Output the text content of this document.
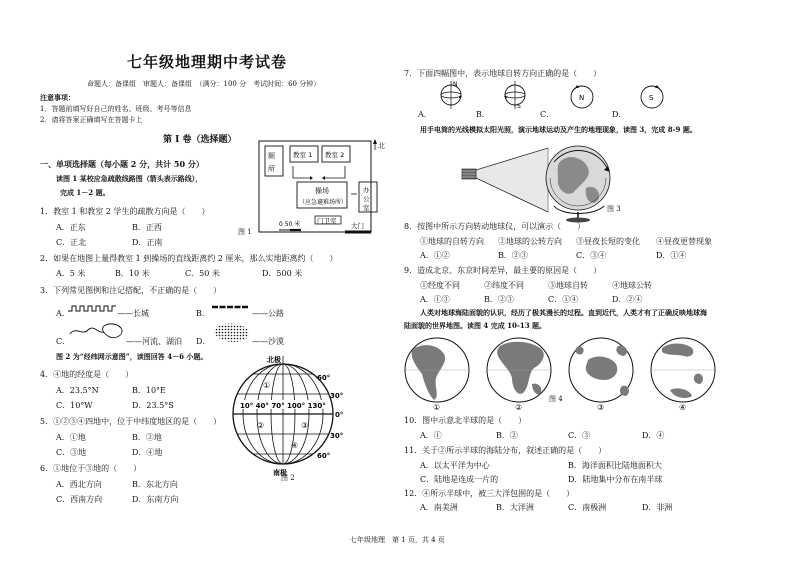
七年级地理期中考试卷
命题人：备课组　审题人：备课组　（满分：100 分　考试时间：60 分钟）
注意事项：
1．答题前填写好自己的姓名、班级、考号等信息
2．请将答案正确填写在答题卡上
第 I 卷（选择题）
一、单项选择题（每小题 2 分，共计 50 分）
读图 1 某校应急疏散线路图（箭头表示路线），
完成 1－2 题。
北
厕
所
教室 1 教室 2
操场
（应急避难场所）
办
公
室
门卫室
大门
0 50 米
图 1
1．教室 1 和教室 2 学生的疏散方向是（　　）
A．正东	B．正西
C．正北	D．正南
2．如果在地图上量得教室 1 到操场的直线距离约 2 厘米，那么实地距离约（　　）
A．5 米	B．10 米	C．50 米	D．500 米
3．下列常见图例和注记搭配，不正确的是（　　）
A．	——长城	B．	——公路
C．	——河流、湖泊 D．	——沙漠
图 2 为“经纬网示意图”，读图回答 4－6 小题。
4．④地的经度是（　　）
A．23.5°N	B．10°E
C．10°W	D．23.5°S
5．①②③④四地中，位于中纬度地区的是（　　）
A．①地	B．②地
C．③地	D．④地
6．①地位于③地的（　　）
A．西北方向	B．东北方向
C．西南方向	D．东南方向
10° 40° 70° 100° 130°
北极
南极
60°
30°
0°
30°
60°
①
②	③
④
图 2
7．下面四幅图中，表示地球自转方向正确的是（　　）
A．
N
B．
S
C．
N
D．
S
用手电筒的光线模拟太阳光照，演示地球运动及产生的地理现象，读图 3，完成 8-9 题。
图 3
8．按图中所示方向转动地球仪，可以演示（　　）
①地球的自转方向 ②地球的公转方向 ③昼夜长短的变化 ④昼夜更替现象
A．①②	B．②③	C．③④	D．①④
9．造成北京、东京时间差异，最主要的原因是（　　）
①经度不同	②纬度不同	③地球自转	④地球公转
A．①③	B．②③	C．①④	D．②④
人类对地球海陆面貌的认识，经历了极其漫长的过程。直到近代，人类才有了正确反映地球海
陆面貌的世界地图。读图 4 完成 10-13 题。
①	②	③	④
图 4
10．图中示意北半球的是（　　）
A．①	B．②	C．③	D．④
11．关于②所示半球的海陆分布，叙述正确的是（　　）
A．以太平洋为中心	B．海洋面积比陆地面积大
C．陆地是连成一片的	D．陆地集中分布在南半球
12．④所示半球中，被三大洋包围的是（　　）
A．南美洲	B．大洋洲	C．南极洲	D．非洲
七年级地理　第 1 页，共 4 页
